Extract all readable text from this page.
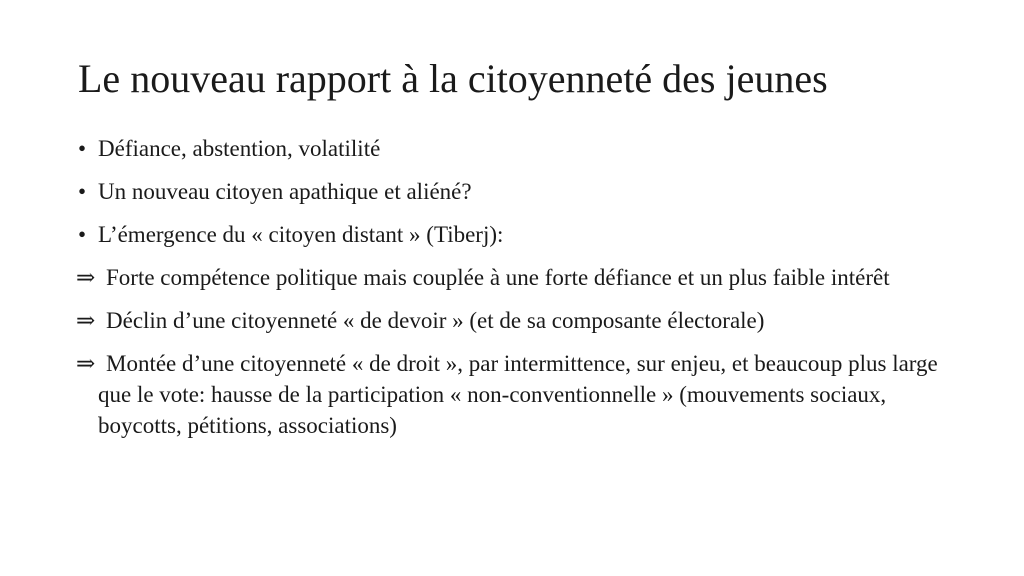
Le nouveau rapport à la citoyenneté des jeunes
• Défiance, abstention, volatilité
• Un nouveau citoyen apathique et aliéné?
• L’émergence du « citoyen distant » (Tiberj):
⇒ Forte compétence politique mais couplée à une forte défiance et un plus faible intérêt
⇒ Déclin d’une citoyenneté « de devoir » (et de sa composante électorale)
⇒ Montée d’une citoyenneté « de droit », par intermittence, sur enjeu, et beaucoup plus large que le vote: hausse de la participation « non-conventionnelle » (mouvements sociaux, boycotts, pétitions, associations)
